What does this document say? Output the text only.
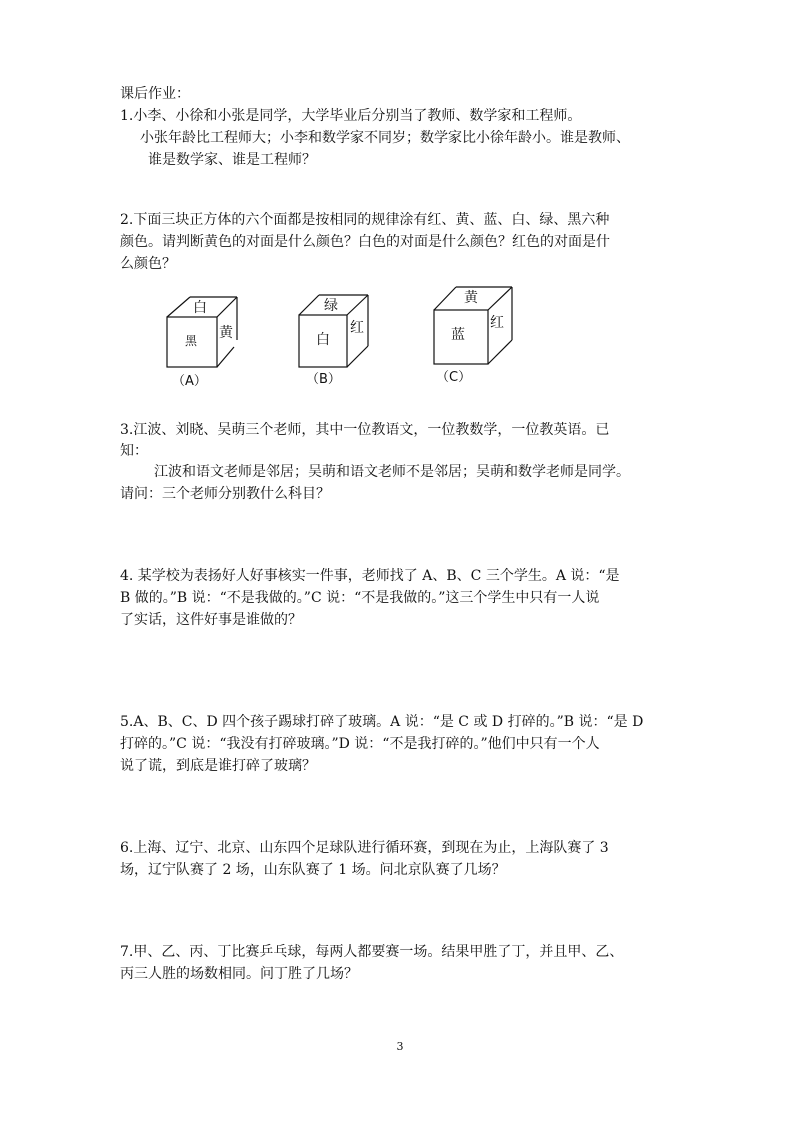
课后作业：
1.小李、小徐和小张是同学，大学毕业后分别当了教师、数学家和工程师。
小张年龄比工程师大；小李和数学家不同岁；数学家比小徐年龄小。谁是教师、
谁是数学家、谁是工程师？
2.下面三块正方体的六个面都是按相同的规律涂有红、黄、蓝、白、绿、黑六种
颜色。请判断黄色的对面是什么颜色？白色的对面是什么颜色？红色的对面是什
么颜色？
白
黑 黄
（A）
绿
白
红
（B）
黄
蓝
红
（C）
3.江波、刘晓、吴萌三个老师，其中一位教语文，一位教数学，一位教英语。已
知：
江波和语文老师是邻居；吴萌和语文老师不是邻居；吴萌和数学老师是同学。
请问：三个老师分别教什么科目？
4. 某学校为表扬好人好事核实一件事，老师找了 A、B、C 三个学生。A 说：“是
B 做的。”B 说：“不是我做的。”C 说：“不是我做的。”这三个学生中只有一人说
了实话，这件好事是谁做的？
5.A、B、C、D 四个孩子踢球打碎了玻璃。A 说：“是 C 或 D 打碎的。”B 说：“是 D
打碎的。”C 说：“我没有打碎玻璃。”D 说：“不是我打碎的。”他们中只有一个人
说了谎，到底是谁打碎了玻璃？
6.上海、辽宁、北京、山东四个足球队进行循环赛，到现在为止，上海队赛了 3
场，辽宁队赛了 2 场，山东队赛了 1 场。问北京队赛了几场？
7.甲、乙、丙、丁比赛乒乓球，每两人都要赛一场。结果甲胜了丁，并且甲、乙、
丙三人胜的场数相同。问丁胜了几场？
3
